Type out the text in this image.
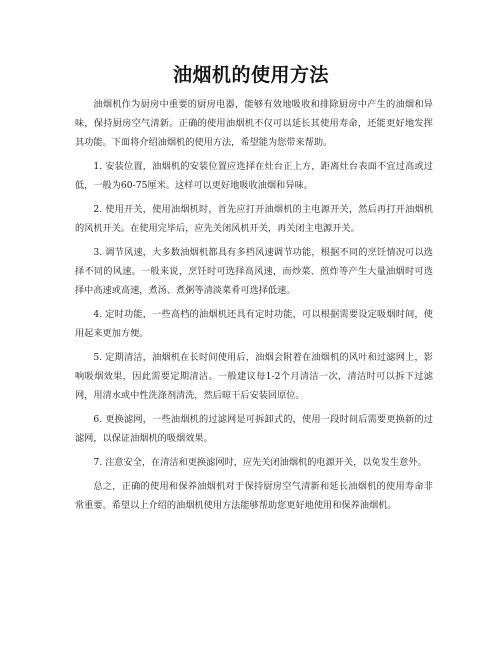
油烟机的使用方法

油烟机作为厨房中重要的厨房电器，能够有效地吸收和排除厨房中产生的油烟和异味，保持厨房空气清新。正确的使用油烟机不仅可以延长其使用寿命，还能更好地发挥其功能。下面将介绍油烟机的使用方法，希望能为您带来帮助。

1. 安装位置，油烟机的安装位置应选择在灶台正上方，距离灶台表面不宜过高或过低，一般为60-75厘米。这样可以更好地吸收油烟和异味。

2. 使用开关，使用油烟机时，首先应打开油烟机的主电源开关，然后再打开油烟机的风机开关。在使用完毕后，应先关闭风机开关，再关闭主电源开关。

3. 调节风速，大多数油烟机都具有多档风速调节功能，根据不同的烹饪情况可以选择不同的风速。一般来说，烹饪时可选择高风速，而炒菜、煎炸等产生大量油烟时可选择中高速或高速，煮汤、煮粥等清淡菜肴可选择低速。

4. 定时功能，一些高档的油烟机还具有定时功能，可以根据需要设定吸烟时间，使用起来更加方便。

5. 定期清洁，油烟机在长时间使用后，油烟会附着在油烟机的风叶和过滤网上，影响吸烟效果，因此需要定期清洁。一般建议每1-2个月清洁一次，清洁时可以拆下过滤网，用清水或中性洗涤剂清洗，然后晾干后安装回原位。

6. 更换滤网，一些油烟机的过滤网是可拆卸式的，使用一段时间后需要更换新的过滤网，以保证油烟机的吸烟效果。

7. 注意安全，在清洁和更换滤网时，应先关闭油烟机的电源开关，以免发生意外。

总之，正确的使用和保养油烟机对于保持厨房空气清新和延长油烟机的使用寿命非常重要。希望以上介绍的油烟机使用方法能够帮助您更好地使用和保养油烟机。
